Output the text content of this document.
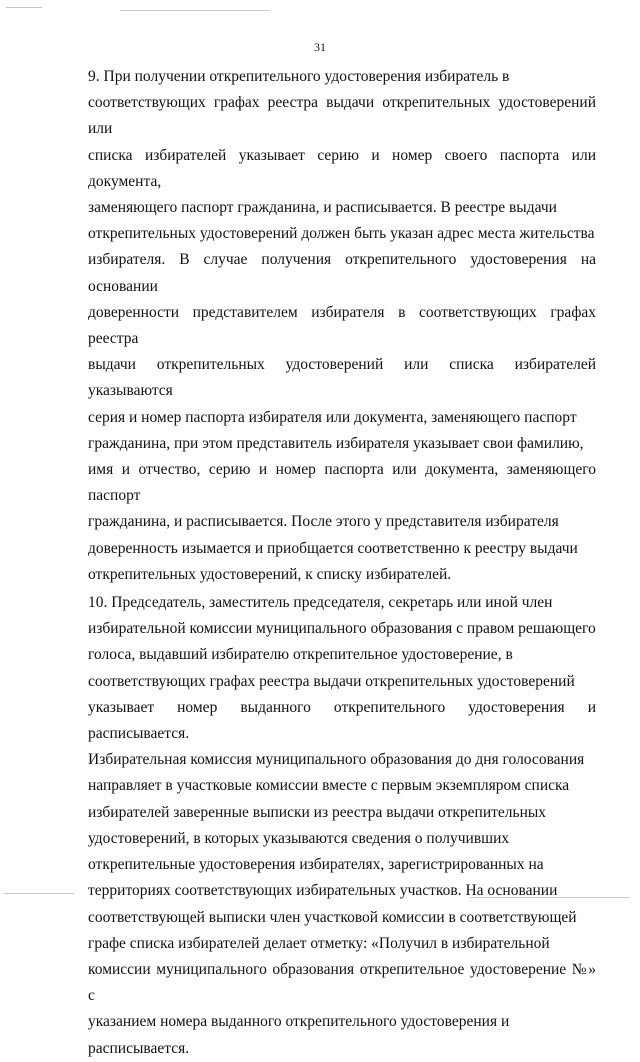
31

9. При получении открепительного удостоверения избиратель в
соответствующих графах реестра выдачи открепительных удостоверений или
списка избирателей указывает серию и номер своего паспорта или документа,
заменяющего паспорт гражданина, и расписывается. В реестре выдачи
открепительных удостоверений должен быть указан адрес места жительства
избирателя. В случае получения открепительного удостоверения на основании
доверенности представителем избирателя в соответствующих графах реестра
выдачи открепительных удостоверений или списка избирателей указываются
серия и номер паспорта избирателя или документа, заменяющего паспорт
гражданина, при этом представитель избирателя указывает свои фамилию,
имя и отчество, серию и номер паспорта или документа, заменяющего паспорт
гражданина, и расписывается. После этого у представителя избирателя
доверенность изымается и приобщается соответственно к реестру выдачи
открепительных удостоверений, к списку избирателей.

10. Председатель, заместитель председателя, секретарь или иной член
избирательной комиссии муниципального образования с правом решающего
голоса, выдавший избирателю открепительное удостоверение, в
соответствующих графах реестра выдачи открепительных удостоверений
указывает номер выданного открепительного удостоверения и расписывается.
Избирательная комиссия муниципального образования до дня голосования
направляет в участковые комиссии вместе с первым экземпляром списка
избирателей заверенные выписки из реестра выдачи открепительных
удостоверений, в которых указываются сведения о получивших
открепительные удостоверения избирателях, зарегистрированных на
территориях соответствующих избирательных участков. На основании
соответствующей выписки член участковой комиссии в соответствующей
графе списка избирателей делает отметку: «Получил в избирательной
комиссии муниципального образования открепительное удостоверение №» с
указанием номера выданного открепительного удостоверения и
расписывается.
